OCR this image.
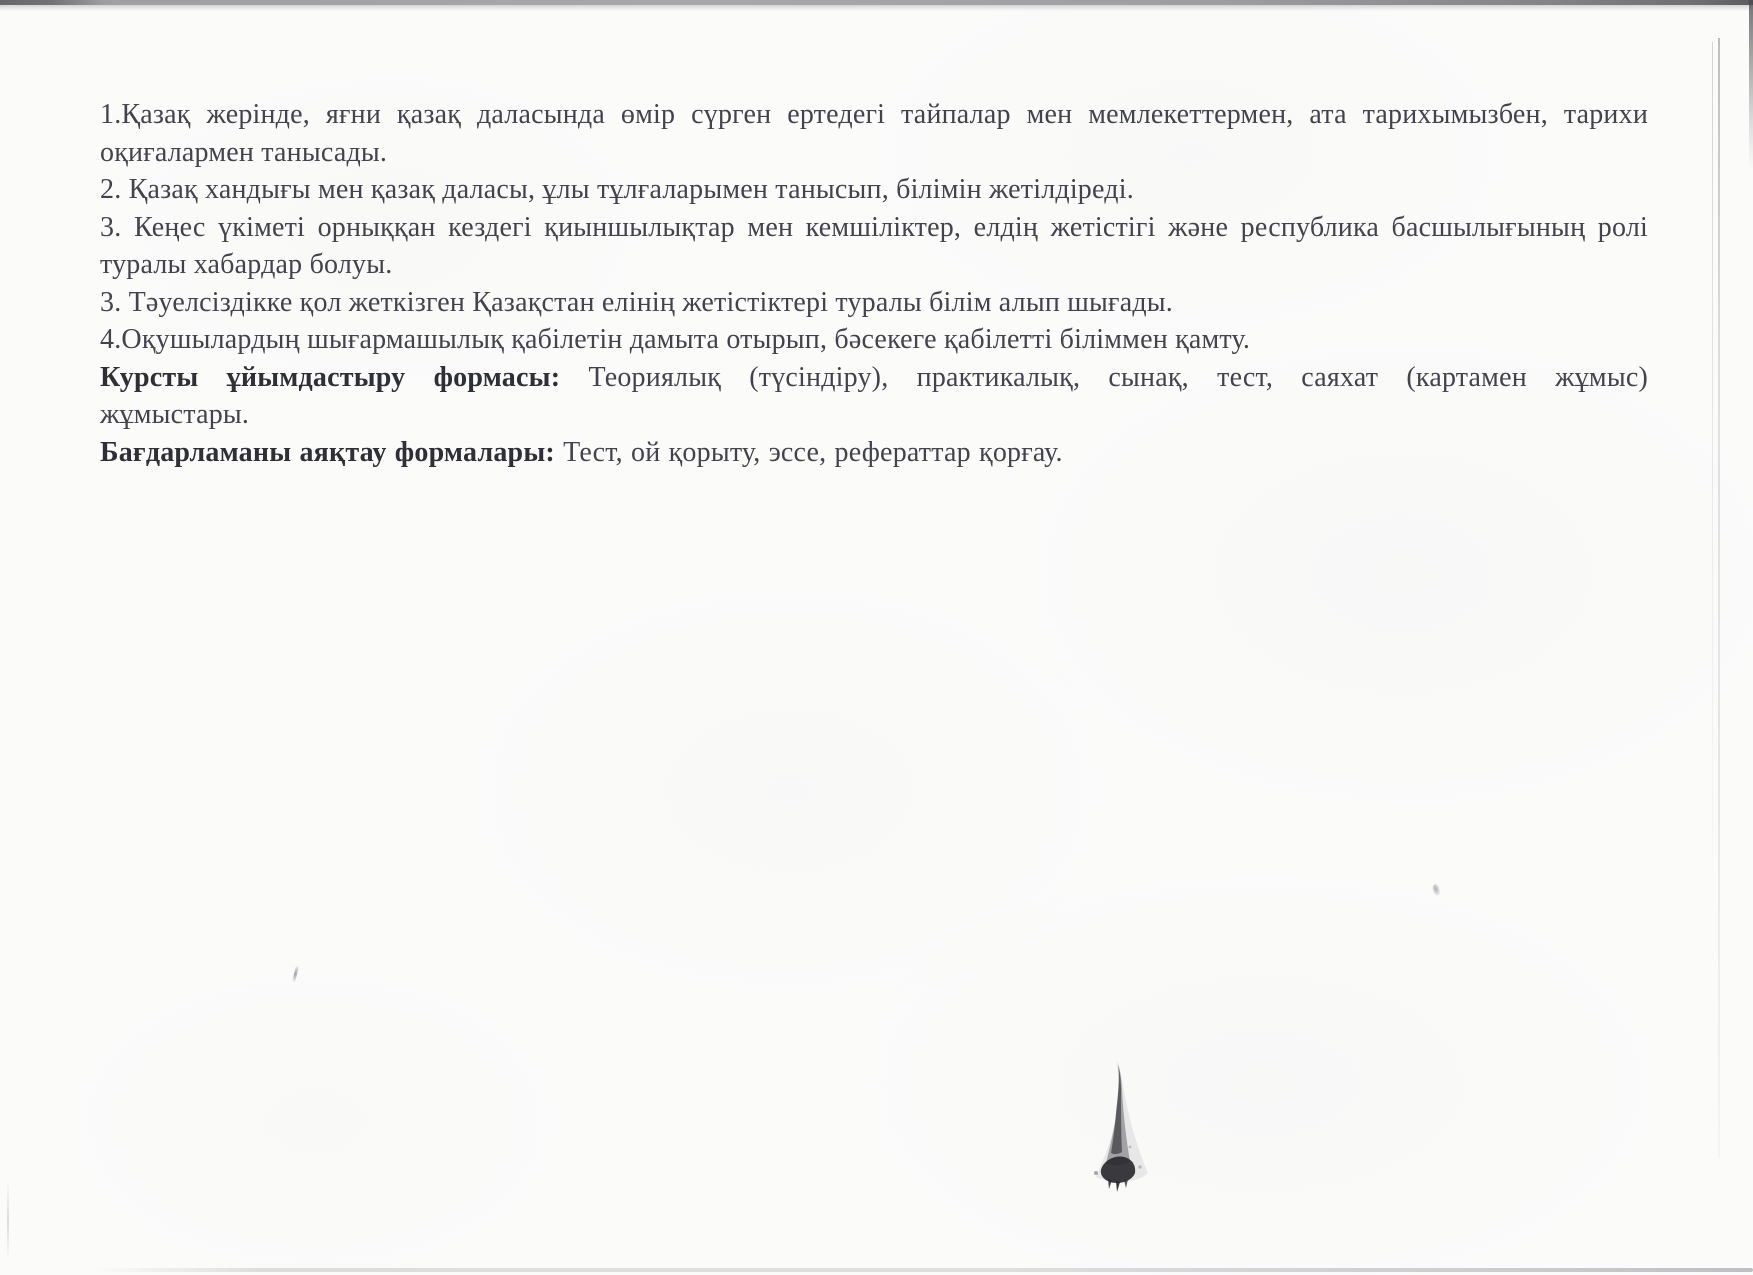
1.Қазақ жерінде, яғни қазақ даласында өмір сүрген ертедегі тайпалар мен мемлекеттермен, ата тарихымызбен, тарихи оқиғалармен танысады.

2. Қазақ хандығы мен қазақ даласы, ұлы тұлғаларымен танысып, білімін жетілдіреді.

3. Кеңес үкіметі орныққан кездегі қиыншылықтар мен кемшіліктер, елдің жетістігі және республика басшылығының ролі туралы хабардар болуы.

3. Тәуелсіздікке қол жеткізген Қазақстан елінің жетістіктері туралы білім алып шығады.

4.Оқушылардың шығармашылық қабілетін дамыта отырып, бәсекеге қабілетті біліммен қамту.

Курсты ұйымдастыру формасы: Теориялық (түсіндіру), практикалық, сынақ, тест, саяхат (картамен жұмыс) жұмыстары.

Бағдарламаны аяқтау формалары: Тест, ой қорыту, эссе, рефераттар қорғау.
